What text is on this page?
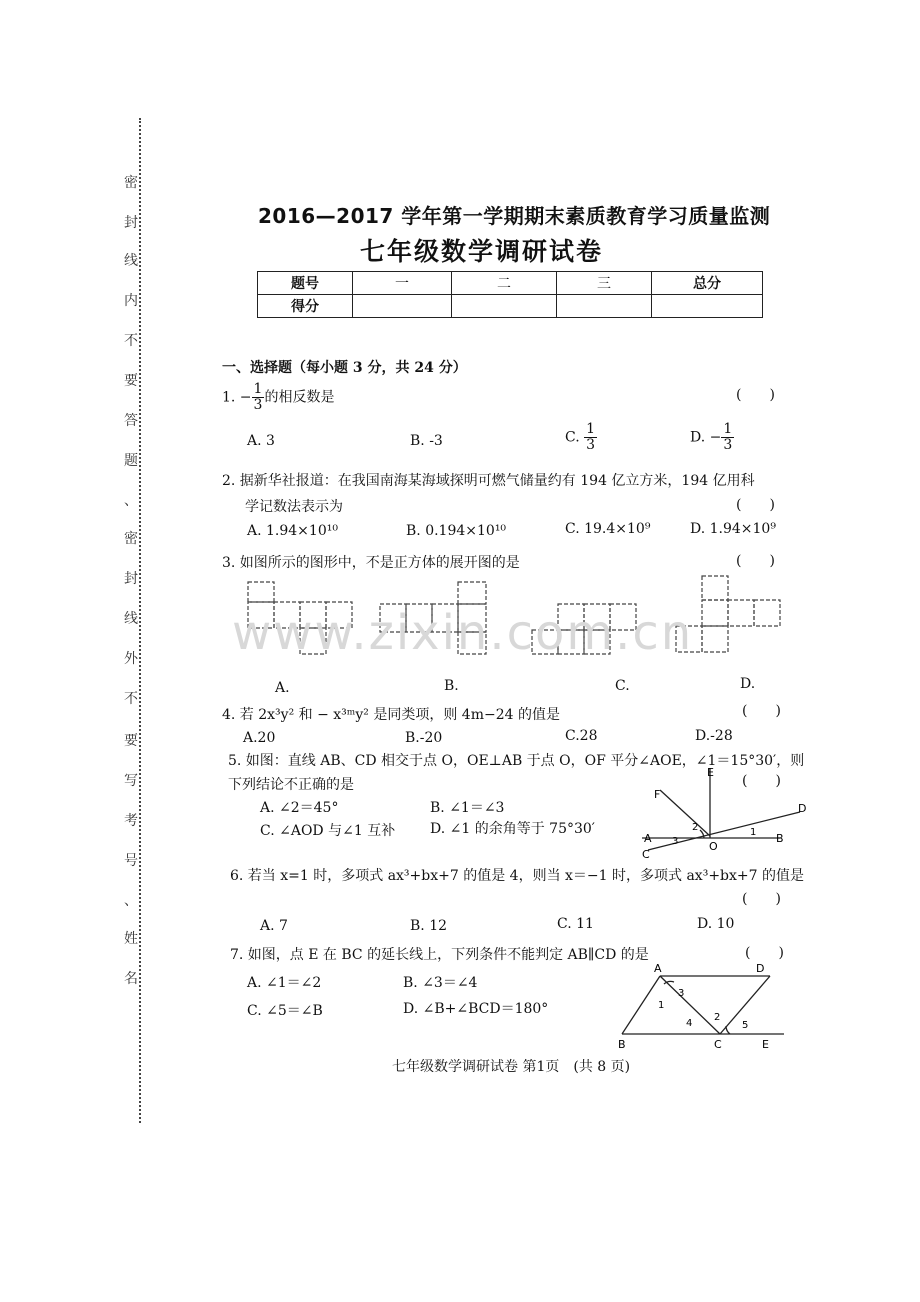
密
封
线
内
不
要
答
题
、
密
封
线
外
不
要
写
考
号
、
姓
名
2016—2017 学年第一学期期末素质教育学习质量监测
七年级数学调研试卷
题号	一	二	三	总分
得分				
一、选择题（每小题 3 分，共 24 分）
1. − $\frac{1}{3}$ 的相反数是	(　　)
A. 3	B. -3	C. $\frac{1}{3}$	D. − $\frac{1}{3}$
2. 据新华社报道：在我国南海某海域探明可燃气储量约有 194 亿立方米，194 亿用科
学记数法表示为	(　　)
A. 1.94×10¹⁰	B. 0.194×10¹⁰	C. 19.4×10⁹	D. 1.94×10⁹
3. 如图所示的图形中，不是正方体的展开图的是	(　　)
A.	B.	C.	D.
www.zixin.com.cn
4. 若 2x³y² 和 − x³ᵐy² 是同类项，则 4m−24 的值是	(　　)
A.20	B.-20	C.28	D.-28
5. 如图：直线 AB、CD 相交于点 O，OE⊥AB 于点 O，OF 平分∠AOE，∠1＝15°30′，则
下列结论不正确的是	(　　)
A. ∠2＝45°	B. ∠1＝∠3
C. ∠AOD 与∠1 互补 D. ∠1 的余角等于 75°30′
E
F
D
A	B
C
O
1
2
3
6. 若当 x=1 时，多项式 ax³+bx+7 的值是 4，则当 x＝−1 时，多项式 ax³+bx+7 的值是
(　　)
A. 7	B. 12	C. 11	D. 10
7. 如图，点 E 在 BC 的延长线上，下列条件不能判定 AB∥CD 的是	(　　)
A. ∠1＝∠2	B. ∠3＝∠4
C. ∠5＝∠B	D. ∠B+∠BCD＝180°
A	D
B	C	E
1
2
3
4	5
七年级数学调研试卷 第1页　(共 8 页)
